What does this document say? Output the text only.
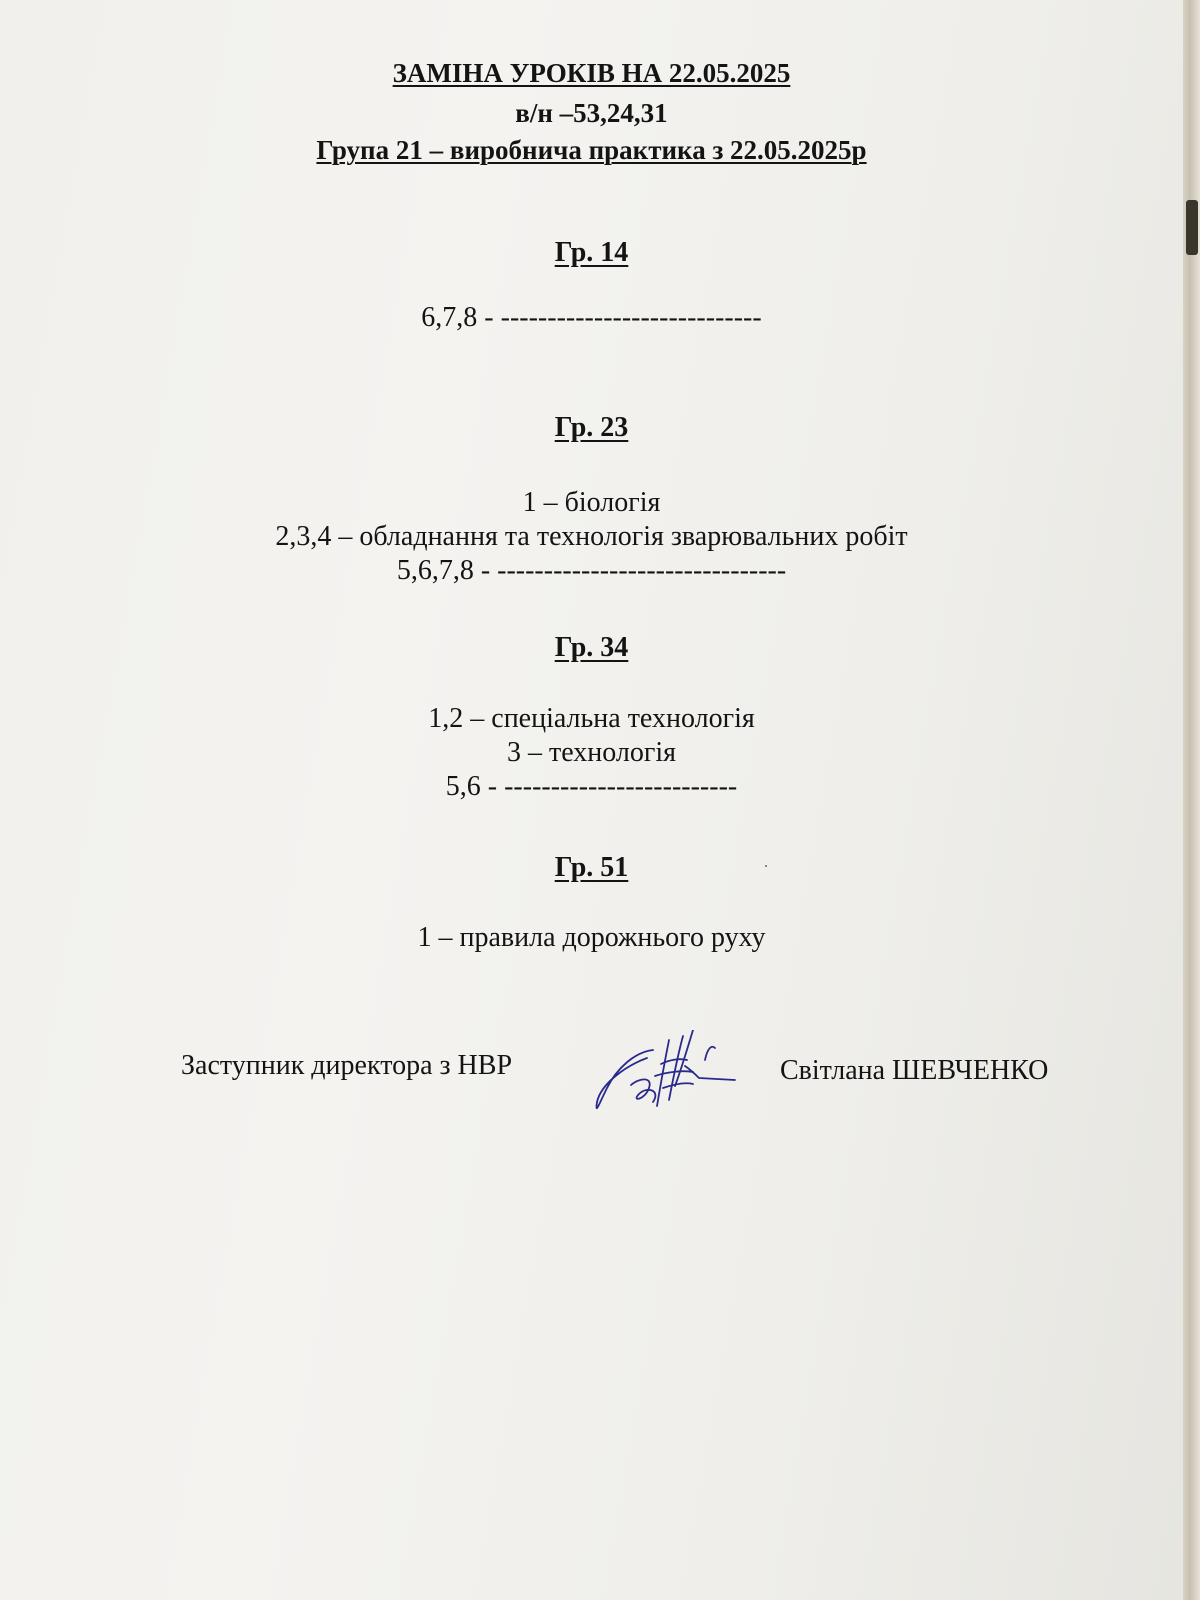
ЗАМІНА УРОКІВ НА 22.05.2025
в/н –53,24,31
Група 21 – виробнича практика з 22.05.2025р
Гр. 14
6,7,8 - ----------------------------
Гр. 23
1 – біологія
2,3,4 – обладнання та технологія зварювальних робіт
5,6,7,8 - -------------------------------
Гр. 34
1,2 – спеціальна технологія
3 – технологія
5,6 - -------------------------
Гр. 51
1 – правила дорожнього руху
Заступник директора з НВР	Світлана ШЕВЧЕНКО
